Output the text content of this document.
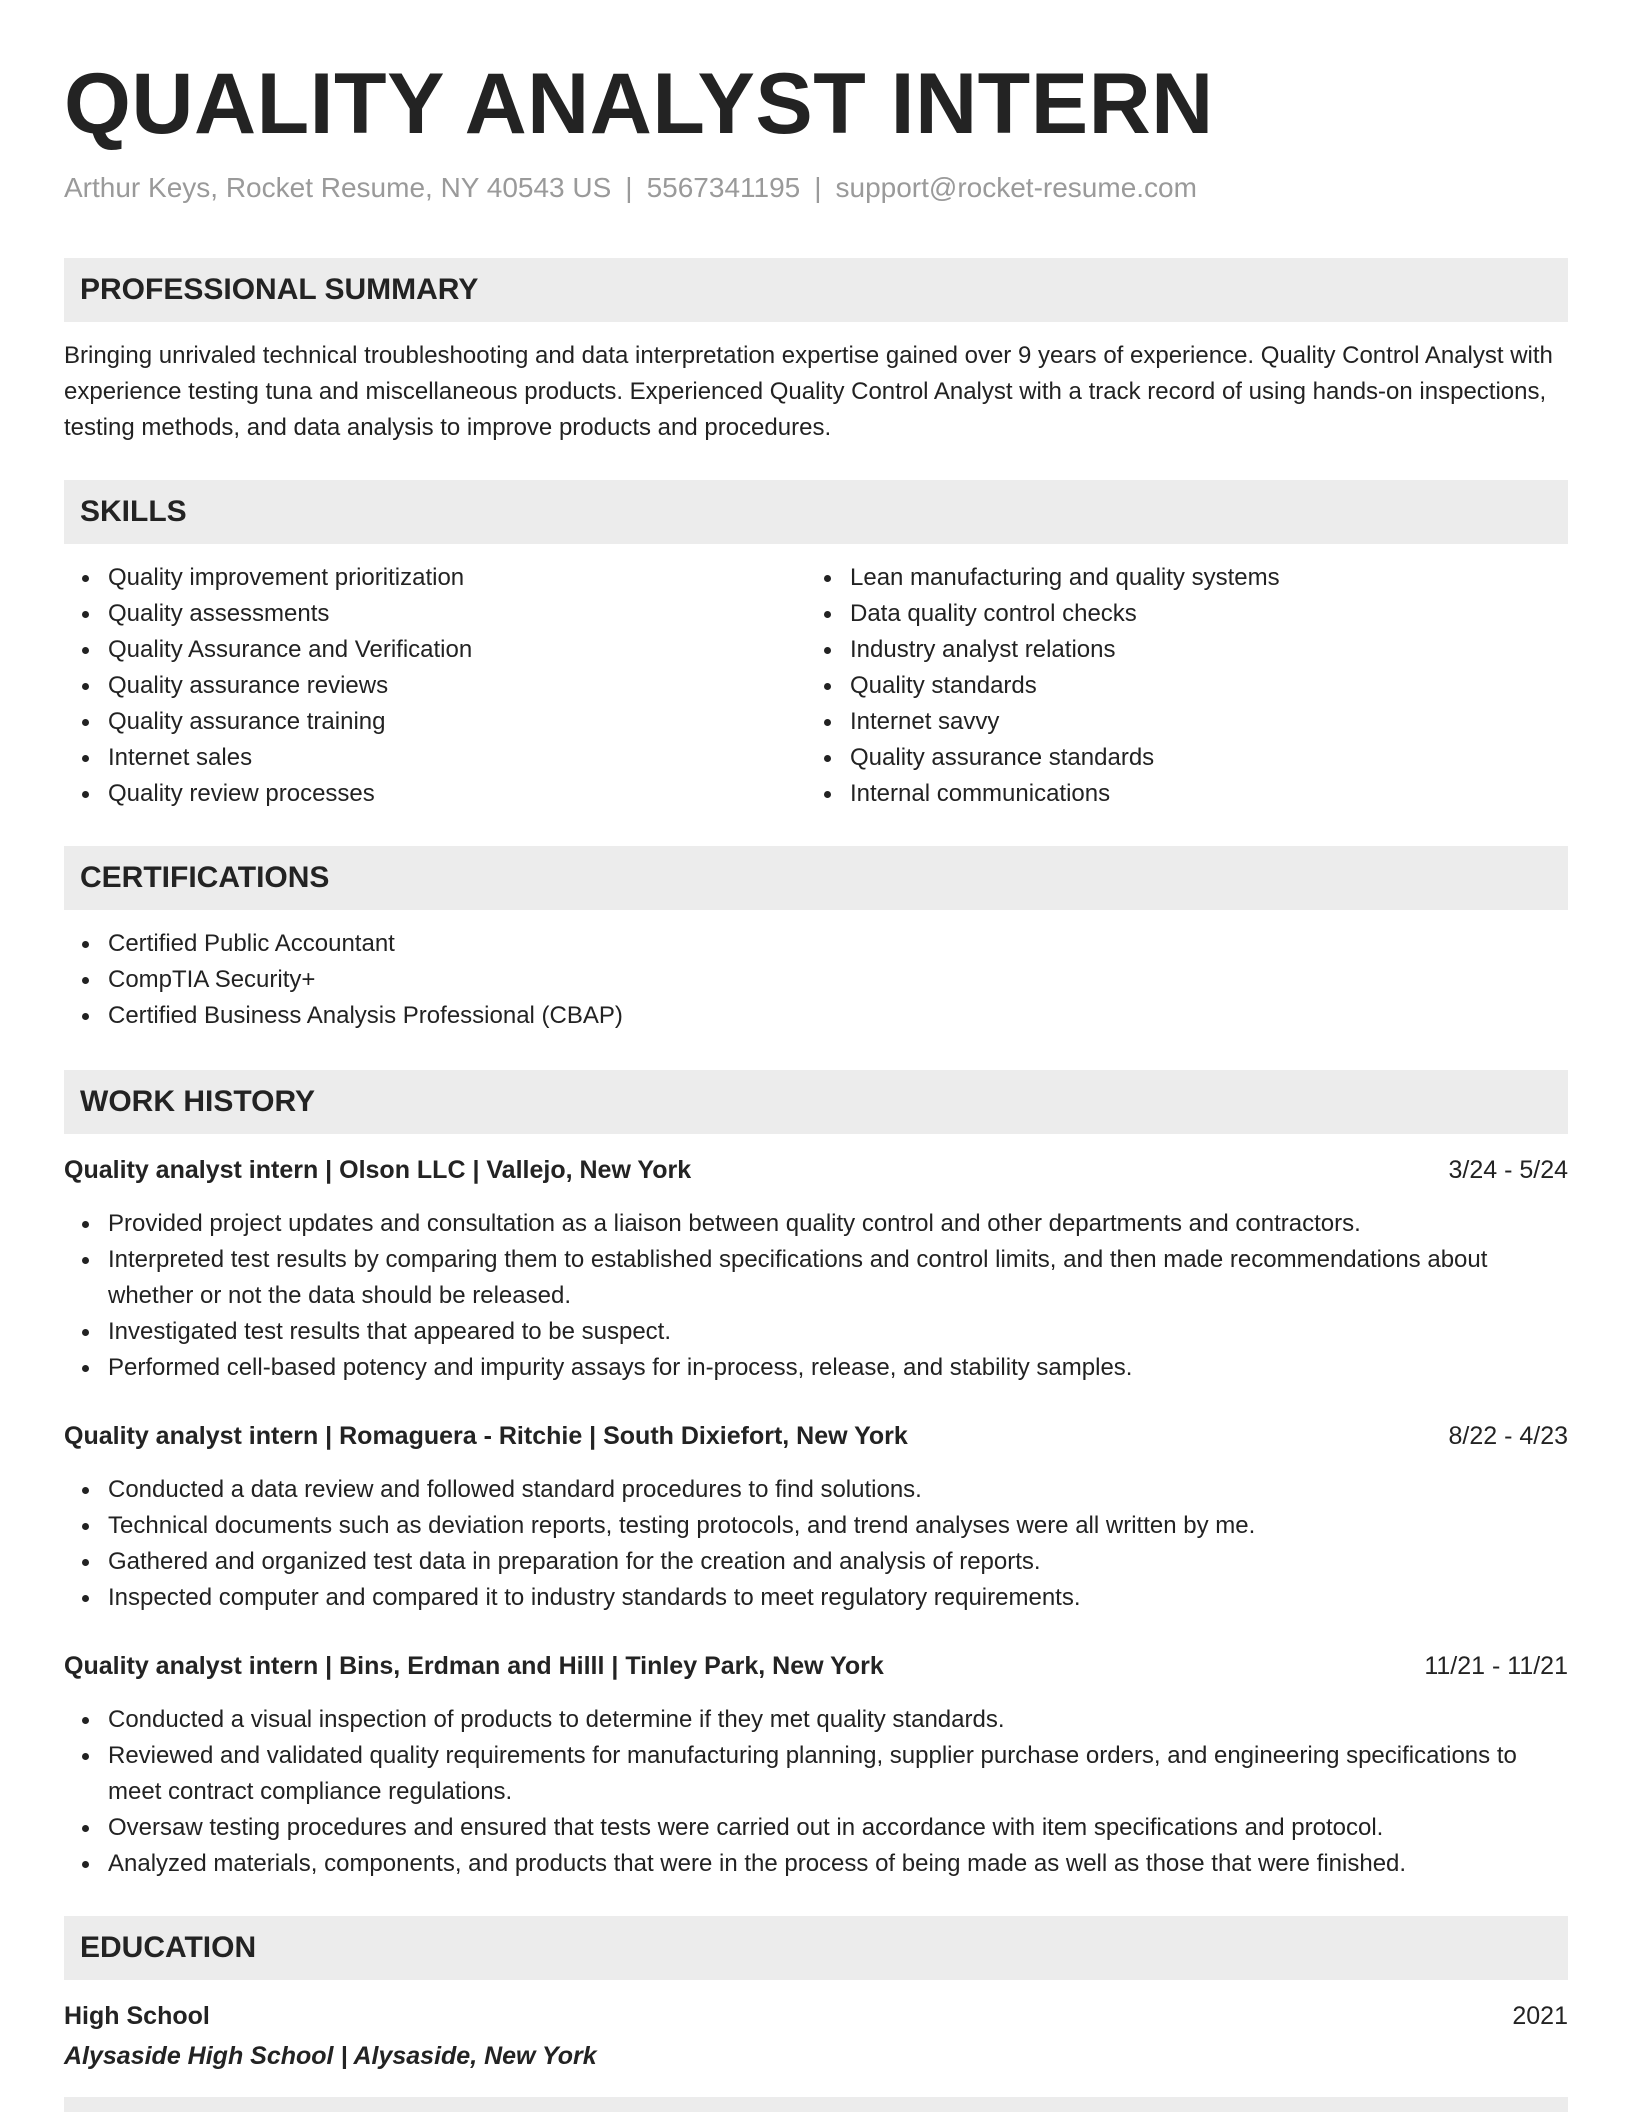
QUALITY ANALYST INTERN
Arthur Keys, Rocket Resume, NY 40543 US | 5567341195 | support@rocket-resume.com
PROFESSIONAL SUMMARY

Bringing unrivaled technical troubleshooting and data interpretation expertise gained over 9 years of experience. Quality Control Analyst with experience testing tuna and miscellaneous products. Experienced Quality Control Analyst with a track record of using hands-on inspections, testing methods, and data analysis to improve products and procedures.

SKILLS
Quality improvement prioritization
Quality assessments
Quality Assurance and Verification
Quality assurance reviews
Quality assurance training
Internet sales
Quality review processes
Lean manufacturing and quality systems
Data quality control checks
Industry analyst relations
Quality standards
Internet savvy
Quality assurance standards
Internal communications
CERTIFICATIONS
Certified Public Accountant
CompTIA Security+
Certified Business Analysis Professional (CBAP)
WORK HISTORY
Quality analyst intern | Olson LLC | Vallejo, New York	3/24 - 5/24
Provided project updates and consultation as a liaison between quality control and other departments and contractors.
Interpreted test results by comparing them to established specifications and control limits, and then made recommendations about whether or not the data should be released.
Investigated test results that appeared to be suspect.
Performed cell-based potency and impurity assays for in-process, release, and stability samples.
Quality analyst intern | Romaguera - Ritchie | South Dixiefort, New York	8/22 - 4/23
Conducted a data review and followed standard procedures to find solutions.
Technical documents such as deviation reports, testing protocols, and trend analyses were all written by me.
Gathered and organized test data in preparation for the creation and analysis of reports.
Inspected computer and compared it to industry standards to meet regulatory requirements.
Quality analyst intern | Bins, Erdman and Hilll | Tinley Park, New York	11/21 - 11/21
Conducted a visual inspection of products to determine if they met quality standards.
Reviewed and validated quality requirements for manufacturing planning, supplier purchase orders, and engineering specifications to meet contract compliance regulations.
Oversaw testing procedures and ensured that tests were carried out in accordance with item specifications and protocol.
Analyzed materials, components, and products that were in the process of being made as well as those that were finished.
EDUCATION
High School	2021
Alysaside High School | Alysaside, New York
